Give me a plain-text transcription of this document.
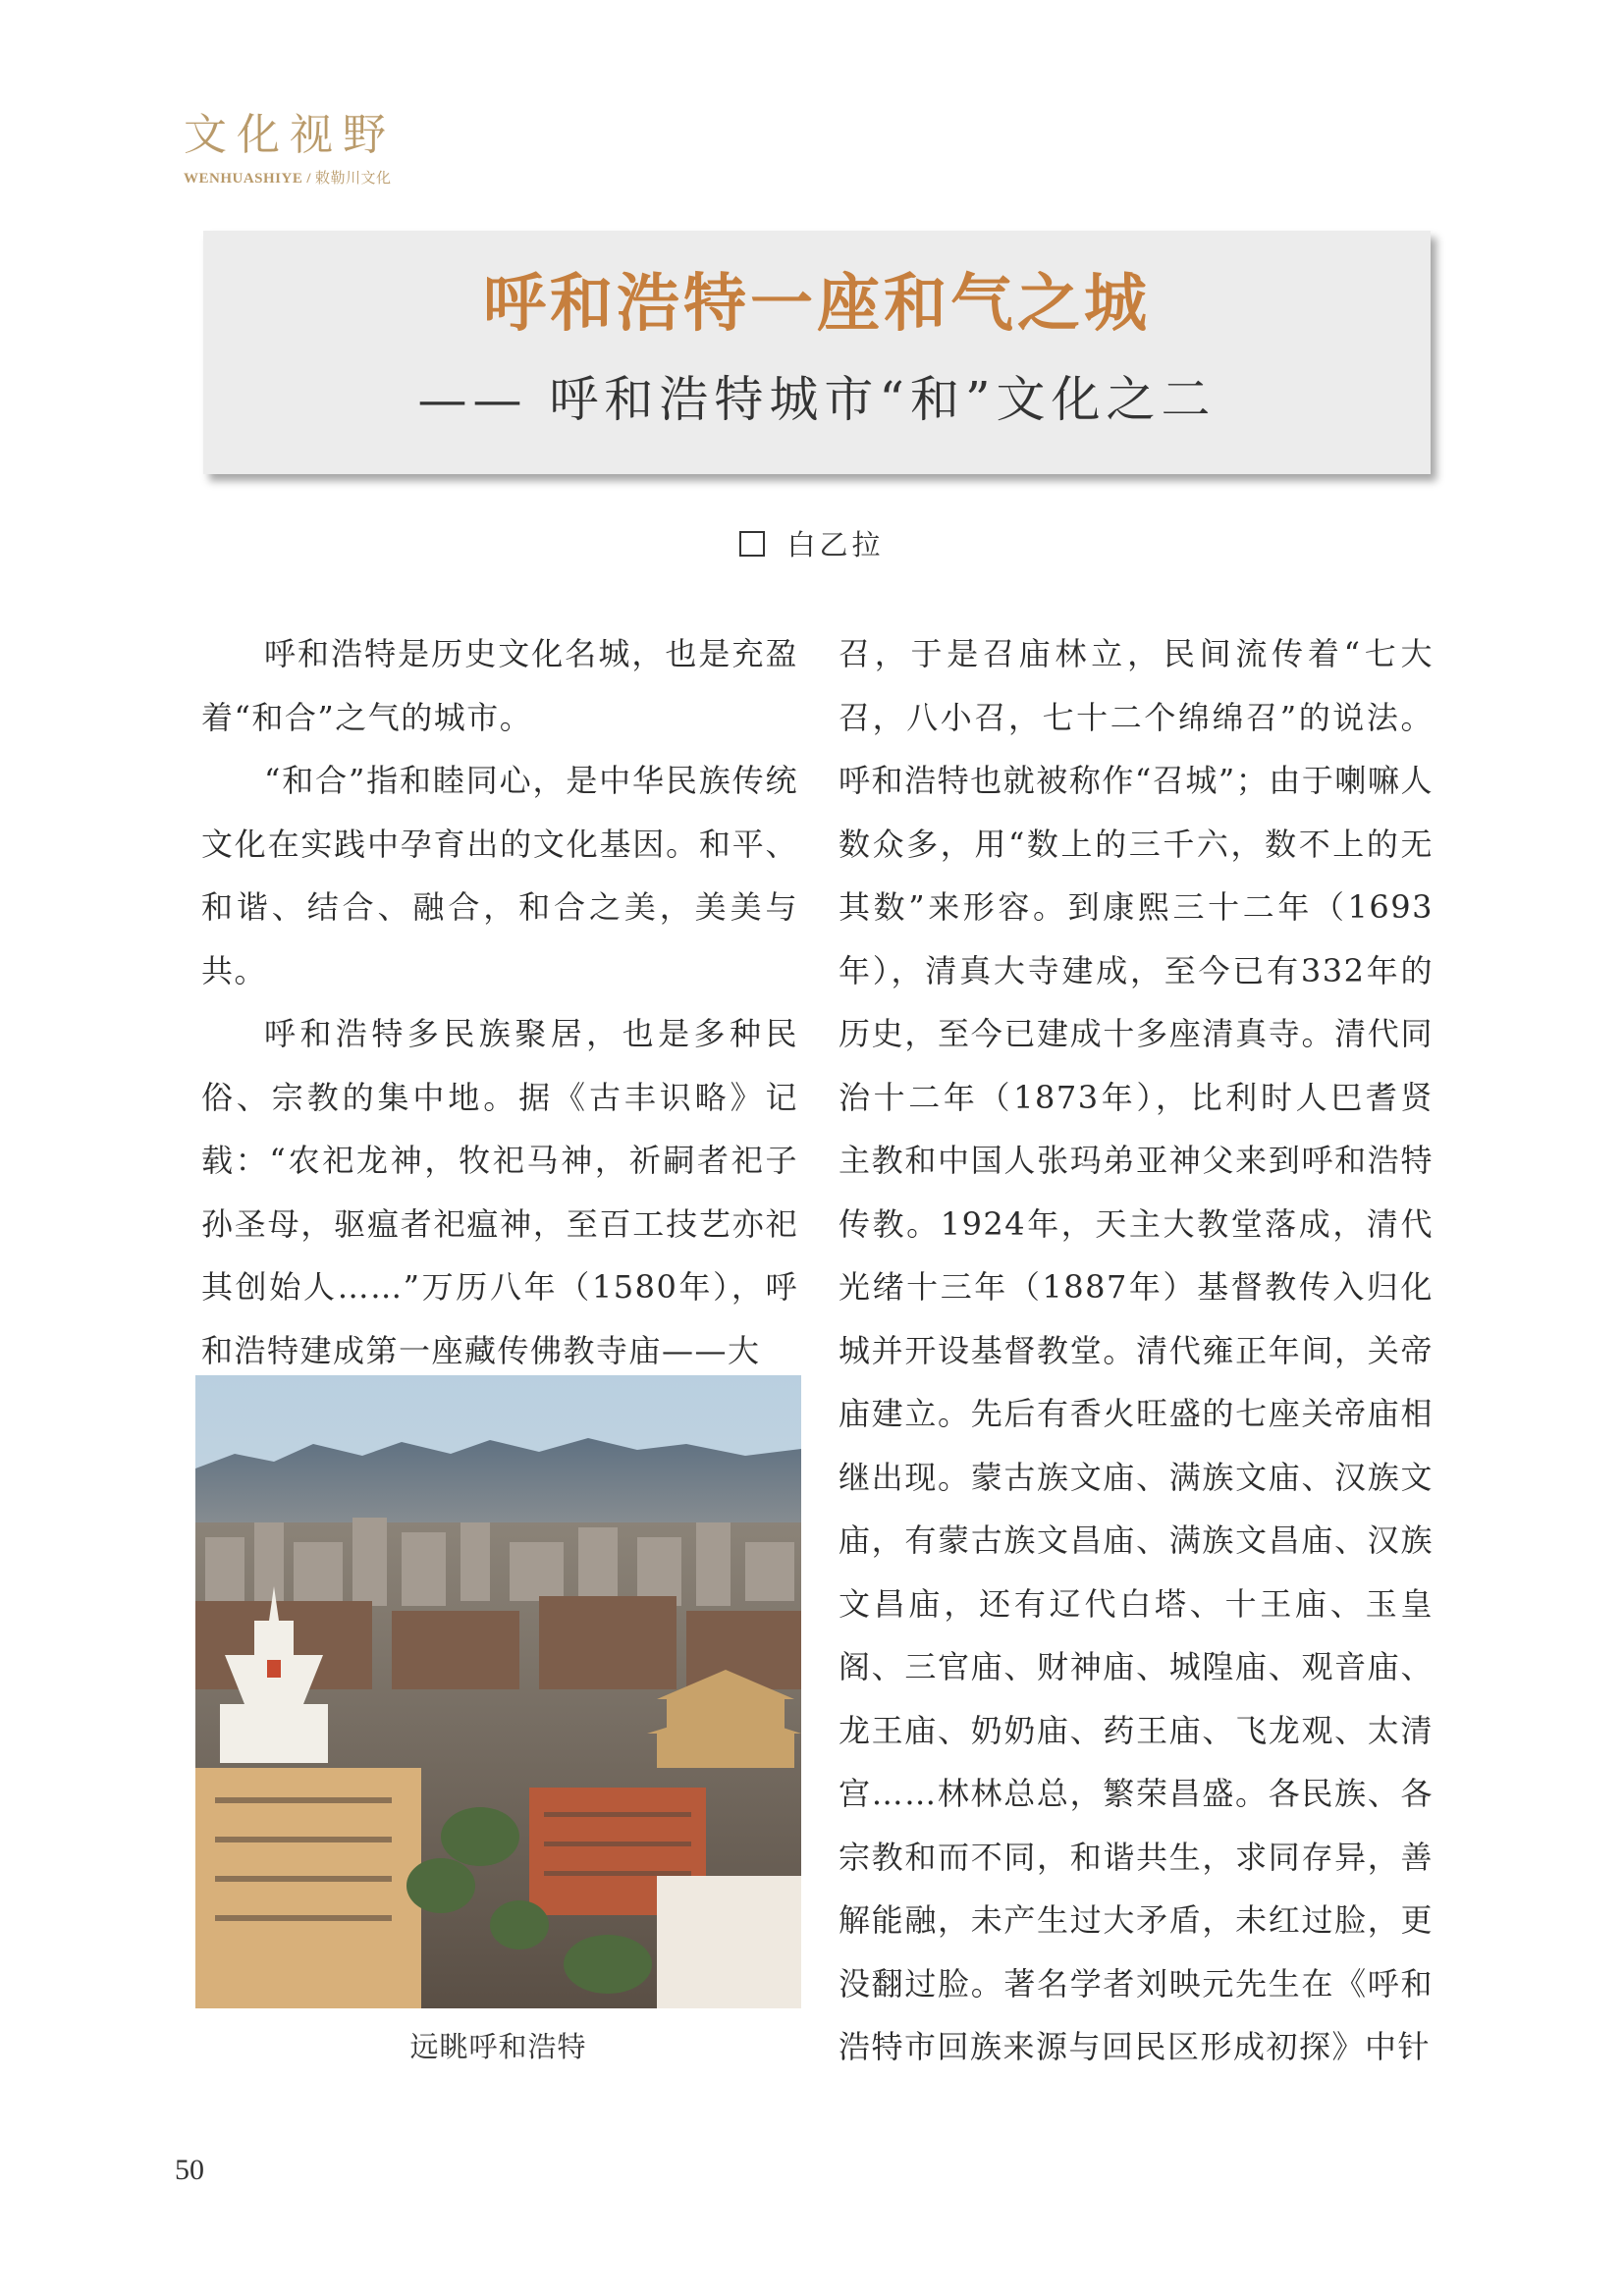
文化视野
WENHUASHIYE / 敕勒川文化
呼和浩特一座和气之城
—— 呼和浩特城市“和”文化之二
白乙拉

呼和浩特是历史文化名城，也是充盈着“和合”之气的城市。

“和合”指和睦同心，是中华民族传统文化在实践中孕育出的文化基因。和平、和谐、结合、融合，和合之美，美美与共。

呼和浩特多民族聚居，也是多种民俗、宗教的集中地。据《古丰识略》记载：“农祀龙神，牧祀马神，祈嗣者祀子孙圣母，驱瘟者祀瘟神，至百工技艺亦祀其创始人……”万历八年（1580年），呼和浩特建成第一座藏传佛教寺庙——大

远眺呼和浩特

召，于是召庙林立，民间流传着“七大召，八小召，七十二个绵绵召”的说法。呼和浩特也就被称作“召城”；由于喇嘛人数众多，用“数上的三千六，数不上的无其数”来形容。到康熙三十二年（1693年），清真大寺建成，至今已有332年的历史，至今已建成十多座清真寺。清代同治十二年（1873年），比利时人巴耆贤主教和中国人张玛弟亚神父来到呼和浩特传教。1924年，天主大教堂落成，清代光绪十三年（1887年）基督教传入归化城并开设基督教堂。清代雍正年间，关帝庙建立。先后有香火旺盛的七座关帝庙相继出现。蒙古族文庙、满族文庙、汉族文庙，有蒙古族文昌庙、满族文昌庙、汉族文昌庙，还有辽代白塔、十王庙、玉皇阁、三官庙、财神庙、城隍庙、观音庙、龙王庙、奶奶庙、药王庙、飞龙观、太清宫……林林总总，繁荣昌盛。各民族、各宗教和而不同，和谐共生，求同存异，善解能融，未产生过大矛盾，未红过脸，更没翻过脸。著名学者刘映元先生在《呼和浩特市回族来源与回民区形成初探》中针

50
